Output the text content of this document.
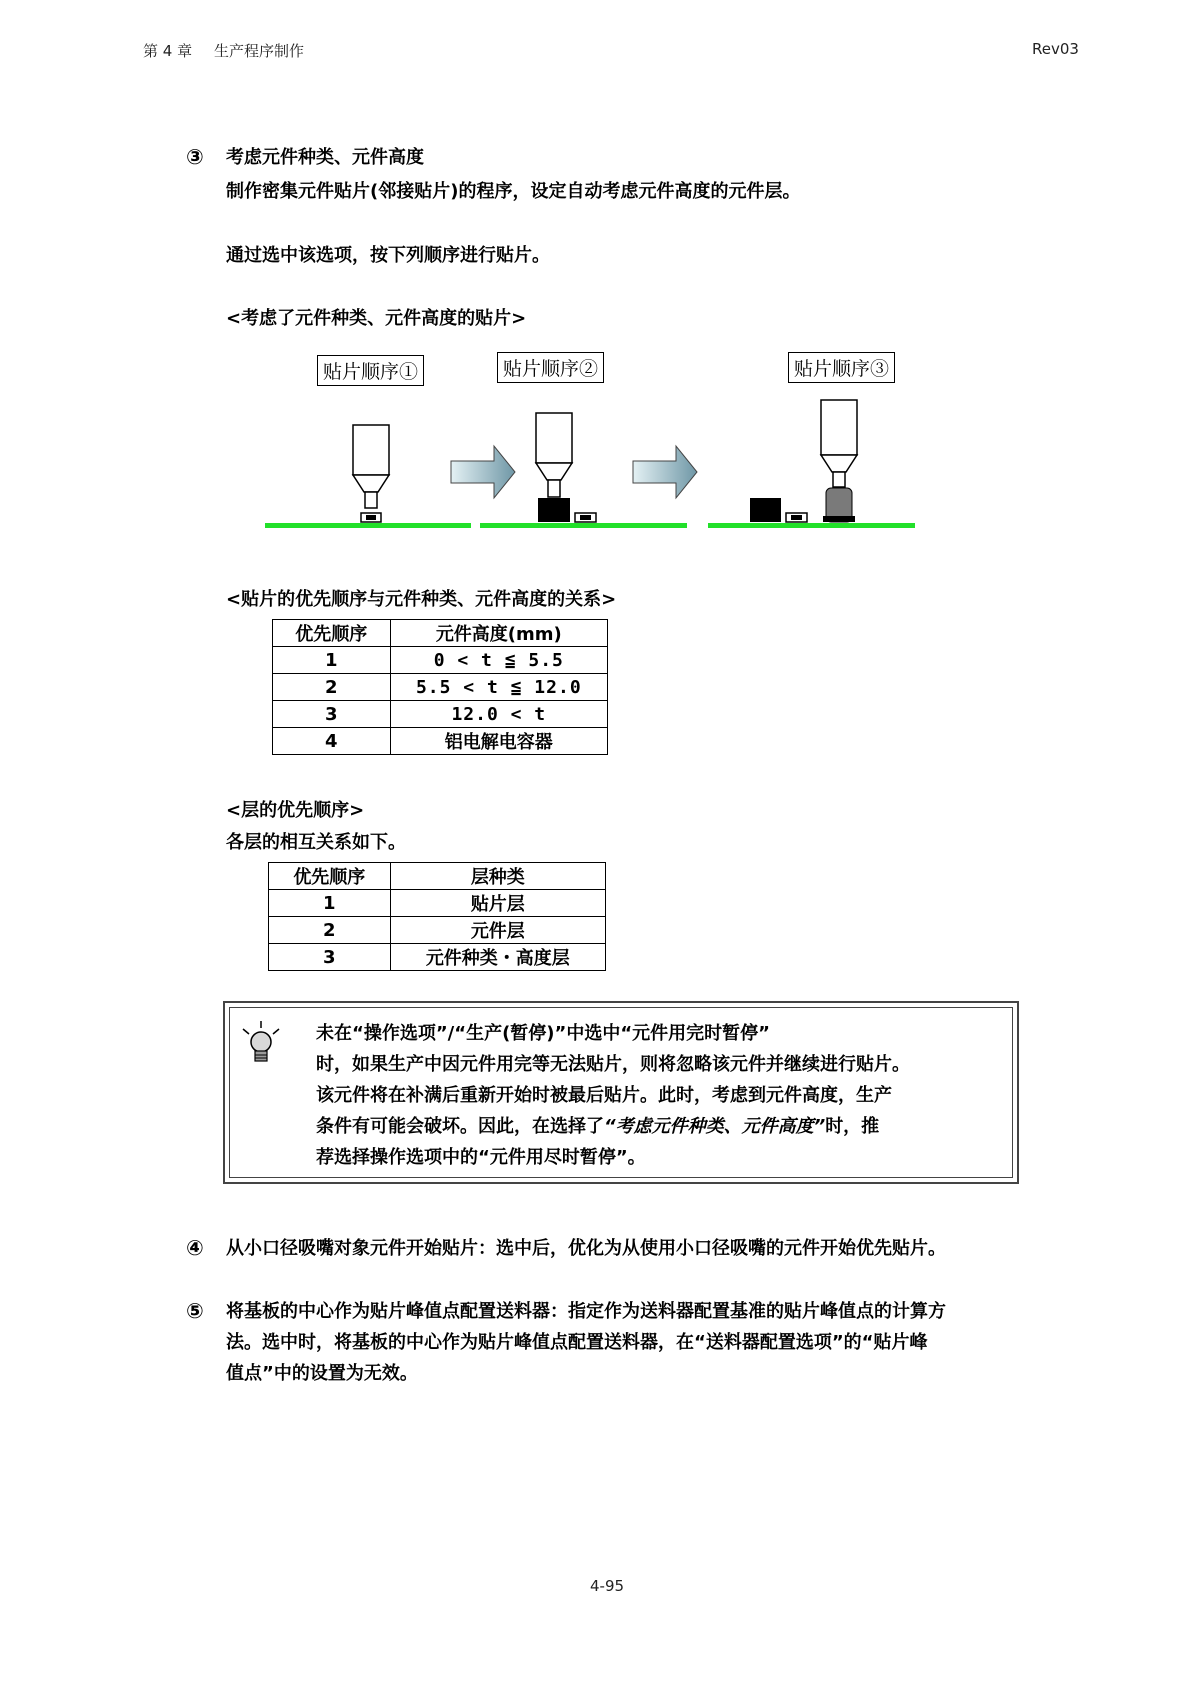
第 4 章 生产程序制作	Rev03
③ 考虑元件种类、元件高度
制作密集元件贴片(邻接贴片)的程序，设定自动考虑元件高度的元件层。
通过选中该选项，按下列顺序进行贴片。
<考虑了元件种类、元件高度的贴片>
贴片顺序①	贴片顺序②	贴片顺序③
<贴片的优先顺序与元件种类、元件高度的关系>
优先顺序	元件高度(mm)
1	0 < t ≦ 5.5
2	5.5 < t ≦ 12.0
3	12.0 < t
4	铝电解电容器
<层的优先顺序>
各层的相互关系如下。
优先顺序	层种类
1	贴片层
2	元件层
3	元件种类・高度层
未在“操作选项”/“生产(暂停)”中选中“元件用完时暂停”
时，如果生产中因元件用完等无法贴片，则将忽略该元件并继续进行贴片。
该元件将在补满后重新开始时被最后贴片。此时，考虑到元件高度，生产
条件有可能会破坏。因此，在选择了“考虑元件种类、元件高度”时，推
荐选择操作选项中的“元件用尽时暂停”。
④ 从小口径吸嘴对象元件开始贴片：选中后，优化为从使用小口径吸嘴的元件开始优先贴片。
⑤ 将基板的中心作为贴片峰值点配置送料器：指定作为送料器配置基准的贴片峰值点的计算方
法。选中时，将基板的中心作为贴片峰值点配置送料器，在“送料器配置选项”的“贴片峰
值点”中的设置为无效。
4-95
